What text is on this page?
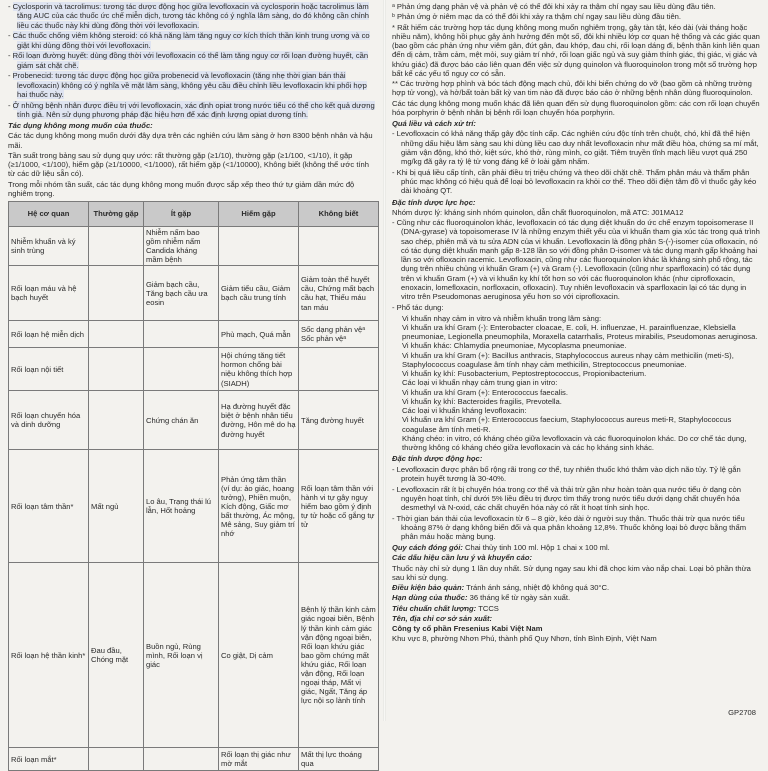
- Cyclosporin và tacrolimus: tương tác dược động học giữa levofloxacin và cyclosporin hoặc tacrolimus làm tăng AUC của các thuốc ức chế miễn dịch, tương tác không có ý nghĩa lâm sàng, do đó không cần chỉnh liều các thuốc này khi dùng đồng thời với levofloxacin.

- Các thuốc chống viêm không steroid: có khả năng làm tăng nguy cơ kích thích thần kinh trung ương và co giật khi dùng đồng thời với levofloxacin.

- Rối loạn đường huyết: dùng đồng thời với levofloxacin có thể làm tăng nguy cơ rối loạn đường huyết, cần giám sát chặt chẽ.

- Probenecid: tương tác dược động học giữa probenecid và levofloxacin (tăng nhẹ thời gian bán thải levofloxacin) không có ý nghĩa về mặt lâm sàng, không yêu cầu điều chỉnh liều levofloxacin khi phối hợp hai thuốc này.

- Ở những bệnh nhân được điều trị với levofloxacin, xác định opiat trong nước tiểu có thể cho kết quả dương tính giả. Nên sử dụng phương pháp đặc hiệu hơn để xác định lượng opiat dương tính.

Tác dụng không mong muốn của thuốc:

Các tác dụng không mong muốn dưới đây dựa trên các nghiên cứu lâm sàng ở hơn 8300 bệnh nhân và hậu mãi.

Tần suất trong bảng sau sử dụng quy ước: rất thường gặp (≥1/10), thường gặp (≥1/100, <1/10), ít gặp (≥1/1000, <1/100), hiếm gặp (≥1/10000, <1/1000), rất hiếm gặp (<1/10000), Không biết (không thể ước tính từ các dữ liệu sẵn có).

Trong mỗi nhóm tần suất, các tác dụng không mong muốn được sắp xếp theo thứ tự giảm dần mức độ nghiêm trọng.

Hệ cơ quan	Thường gặp	Ít gặp	Hiếm gặp	Không biết
Nhiễm khuẩn và ký sinh trùng		Nhiễm nấm bao gồm nhiễm nấm Candida kháng mầm bệnh		
Rối loạn máu và hệ bạch huyết		Giảm bạch cầu, Tăng bạch cầu ưa eosin	Giảm tiểu cầu, Giảm bạch cầu trung tính	Giảm toàn thể huyết cầu, Chứng mất bạch cầu hạt, Thiếu máu tan máu
Rối loạn hệ miễn dịch			Phù mạch, Quá mẫn	Sốc dạng phản vệᵃ Sốc phản vệᵃ
Rối loạn nội tiết			Hội chứng tăng tiết hormon chống bài niệu không thích hợp (SIADH)	
Rối loạn chuyển hóa và dinh dưỡng		Chứng chán ăn	Hạ đường huyết đặc biệt ở bệnh nhân tiểu đường, Hôn mê do hạ đường huyết	Tăng đường huyết
Rối loạn tâm thần*	Mất ngủ	Lo âu, Trạng thái lú lẫn, Hốt hoảng	Phản ứng tâm thần (ví dụ: ảo giác, hoang tưởng), Phiền muộn, Kích động, Giấc mơ bất thường, Ác mộng, Mê sảng, Suy giảm trí nhớ	Rối loạn tâm thần với hành vi tự gây nguy hiểm bao gồm ý định tự tử hoặc cố gắng tự tử
Rối loạn hệ thần kinh*	Đau đầu, Chóng mặt	Buồn ngủ, Rùng mình, Rối loạn vị giác	Co giật, Dị cảm	Bệnh lý thần kinh cảm giác ngoại biên, Bệnh lý thần kinh cảm giác vận động ngoại biên, Rối loạn khứu giác bao gồm chứng mất khứu giác, Rối loạn vận động, Rối loạn ngoại tháp, Mất vị giác, Ngất, Tăng áp lực nội sọ lành tính
Rối loạn mắt*			Rối loạn thị giác như mờ mắt	Mất thị lực thoáng qua

ᵃ Phản ứng dạng phản vệ và phản vệ có thể đôi khi xảy ra thậm chí ngay sau liều dùng đầu tiên.

ᵇ Phản ứng ở niêm mạc da có thể đôi khi xảy ra thậm chí ngay sau liều dùng đầu tiên.

* Rất hiếm các trường hợp tác dụng không mong muốn nghiêm trọng, gây tàn tật, kéo dài (vài tháng hoặc nhiều năm), không hồi phục gây ảnh hưởng đến một số, đôi khi nhiều lớp cơ quan hệ thống và các giác quan (bao gồm các phản ứng như viêm gân, đứt gân, đau khớp, đau chi, rối loạn dáng đi, bệnh thần kinh liên quan đến dị cảm, trầm cảm, mệt mỏi, suy giảm trí nhớ, rối loạn giấc ngủ và suy giảm thính giác, thị giác, vị giác và khứu giác) đã được báo cáo liên quan đến việc sử dụng quinolon và fluoroquinolon trong một số trường hợp bất kể các yếu tố nguy cơ có sẵn.

** Các trường hợp phình và bóc tách động mạch chủ, đôi khi biến chứng do vỡ (bao gồm cả những trường hợp tử vong), và hở/bất toàn bất kỳ van tim nào đã được báo cáo ở những bệnh nhân dùng fluoroquinolon.

Các tác dụng không mong muốn khác đã liên quan đến sử dụng fluoroquinolon gồm: các cơn rối loạn chuyển hóa porphyrin ở bệnh nhân bị bệnh rối loạn chuyển hóa porphyrin.

Quá liều và cách xử trí:

- Levofloxacin có khả năng thấp gây độc tính cấp. Các nghiên cứu độc tính trên chuột, chó, khỉ đã thể hiện những dấu hiệu lâm sàng sau khi dùng liều cao duy nhất levofloxacin như mất điều hòa, chứng sa mí mắt, giảm vận động, khó thở, kiệt sức, khó thở, rùng mình, co giật. Tiêm truyền tĩnh mạch liều vượt quá 250 mg/kg đã gây ra tỷ lệ tử vong đáng kể ở loài gặm nhấm.

- Khi bị quá liều cấp tính, cần phải điều trị triệu chứng và theo dõi chặt chẽ. Thẩm phân máu và thẩm phân phúc mạc không có hiệu quả để loại bỏ levofloxacin ra khỏi cơ thể. Theo dõi điện tâm đồ vì thuốc gây kéo dài khoảng QT.

Đặc tính dược lực học:

Nhóm dược lý: kháng sinh nhóm quinolon, dẫn chất fluoroquinolon, mã ATC: J01MA12

- Cũng như các fluoroquinolon khác, levofloxacin có tác dụng diệt khuẩn do ức chế enzym topoisomerase II (DNA-gyrase) và topoisomerase IV là những enzym thiết yếu của vi khuẩn tham gia xúc tác trong quá trình sao chép, phiên mã và tu sửa ADN của vi khuẩn. Levofloxacin là đồng phân S-(-)-isomer của ofloxacin, nó có tác dụng diệt khuẩn mạnh gấp 8-128 lần so với đồng phân D-isomer và tác dụng mạnh gấp khoảng hai lần so với ofloxacin racemic. Levofloxacin, cũng như các fluoroquinolon khác là kháng sinh phổ rộng, tác dụng trên nhiều chủng vi khuẩn Gram (+) và Gram (-). Levofloxacin (cũng như sparfloxacin) có tác dụng trên vi khuẩn Gram (+) và vi khuẩn kỵ khí tốt hơn so với các fluoroquinolon khác (như ciprofloxacin, enoxacin, lomefloxacin, norfloxacin, ofloxacin). Tuy nhiên levofloxacin và sparfloxacin lại có tác dụng in vitro trên Pseudomonas aeruginosa yếu hơn so với ciprofloxacin.

- Phổ tác dụng:

Vi khuẩn nhạy cảm in vitro và nhiễm khuẩn trong lâm sàng:

Vi khuẩn ưa khí Gram (-): Enterobacter cloacae, E. coli, H. influenzae, H. parainfluenzae, Klebsiella pneumoniae, Legionella pneumophila, Moraxella catarrhalis, Proteus mirabilis, Pseudomonas aeruginosa.

Vi khuẩn khác: Chlamydia pneumoniae, Mycoplasma pneumoniae.

Vi khuẩn ưa khí Gram (+): Bacillus anthracis, Staphylococcus aureus nhạy cảm methicilin (meti-S), Staphylococcus coagulase âm tính nhạy cảm methicilin, Streptococcus pneumoniae.

Vi khuẩn kỵ khí: Fusobacterium, Peptostreptococcus, Propionibacterium.

Các loại vi khuẩn nhạy cảm trung gian in vitro:

Vi khuẩn ưa khí Gram (+): Enterococcus faecalis.

Vi khuẩn kỵ khí: Bacteroides fragilis, Prevotella.

Các loại vi khuẩn kháng levofloxacin:

Vi khuẩn ưa khí Gram (+): Enterococcus faecium, Staphylococcus aureus meti-R, Staphylococcus coagulase âm tính meti-R.

Kháng chéo: in vitro, có kháng chéo giữa levofloxacin và các fluoroquinolon khác. Do cơ chế tác dụng, thường không có kháng chéo giữa levofloxacin và các họ kháng sinh khác.

Đặc tính dược động học:

- Levofloxacin được phân bố rộng rãi trong cơ thể, tuy nhiên thuốc khó thâm vào dịch não tủy. Tỷ lệ gắn protein huyết tương là 30-40%.

- Levofloxacin rất ít bị chuyển hóa trong cơ thể và thải trừ gần như hoàn toàn qua nước tiểu ở dạng còn nguyên hoạt tính, chỉ dưới 5% liều điều trị được tìm thấy trong nước tiểu dưới dạng chất chuyển hóa desmethyl và N-oxid, các chất chuyển hóa này có rất ít hoạt tính sinh học.

- Thời gian bán thải của levofloxacin từ 6 – 8 giờ, kéo dài ở người suy thận. Thuốc thải trừ qua nước tiểu khoảng 87% ở dạng không biến đổi và qua phân khoảng 12,8%. Thuốc không loại bỏ được bằng thẩm phân máu hoặc màng bụng.

Quy cách đóng gói: Chai thủy tinh 100 ml. Hộp 1 chai x 100 ml.

Các dấu hiệu cần lưu ý và khuyến cáo:

Thuốc này chỉ sử dụng 1 lần duy nhất. Sử dụng ngay sau khi đã chọc kim vào nắp chai. Loại bỏ phần thừa sau khi sử dụng.

Điều kiện bảo quản: Tránh ánh sáng, nhiệt độ không quá 30°C.

Hạn dùng của thuốc: 36 tháng kể từ ngày sản xuất.

Tiêu chuẩn chất lượng: TCCS

Tên, địa chỉ cơ sở sản xuất:

Công ty cổ phần Fresenius Kabi Việt Nam

Khu vực 8, phường Nhơn Phú, thành phố Quy Nhơn, tỉnh Bình Định, Việt Nam

GP2708
